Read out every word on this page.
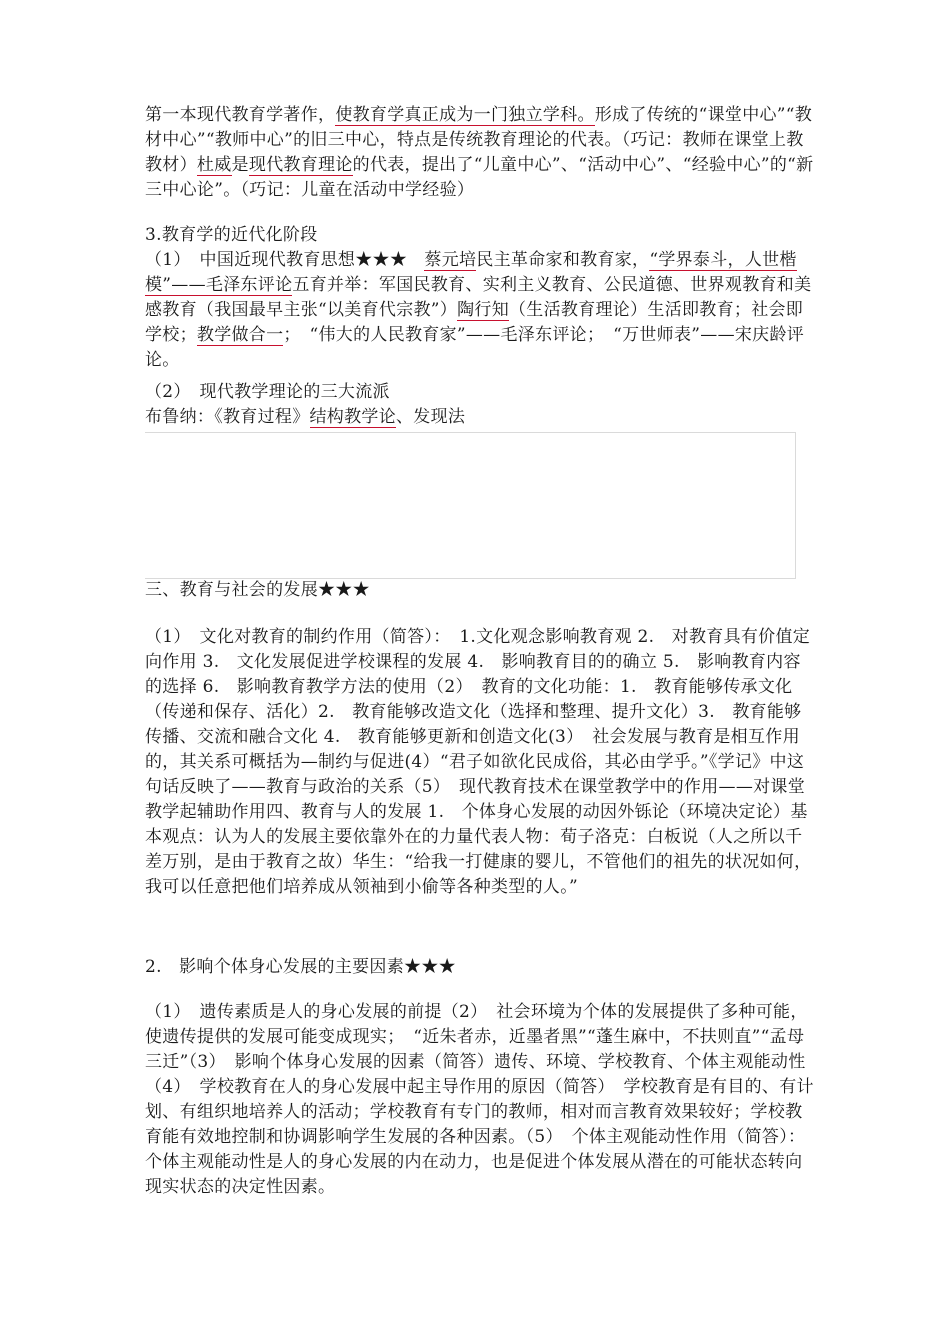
第一本现代教育学著作，使教育学真正成为一门独立学科。形成了传统的“课堂中心”“教材中心”“教师中心”的旧三中心，特点是传统教育理论的代表。（巧记：教师在课堂上教教材）杜威是现代教育理论的代表，提出了“儿童中心”、“活动中心”、“经验中心”的“新三中心论”。（巧记：儿童在活动中学经验）

3.教育学的近代化阶段

（1）　中国近现代教育思想★★★　蔡元培民主革命家和教育家，“学界泰斗，人世楷模”——毛泽东评论五育并举：军国民教育、实利主义教育、公民道德、世界观教育和美感教育（我国最早主张“以美育代宗教”）陶行知（生活教育理论）生活即教育；社会即学校；教学做合一；　“伟大的人民教育家”——毛泽东评论；　“万世师表”——宋庆龄评论。

（2）　现代教学理论的三大流派

布鲁纳：《教育过程》结构教学论、发现法

三、教育与社会的发展★★★

（1）　文化对教育的制约作用（简答）：　1.文化观念影响教育观 2.　对教育具有价值定向作用 3.　文化发展促进学校课程的发展 4.　影响教育目的的确立 5.　影响教育内容的选择 6.　影响教育教学方法的使用（2）　教育的文化功能：1.　教育能够传承文化（传递和保存、活化）2.　教育能够改造文化（选择和整理、提升文化）3.　教育能够传播、交流和融合文化 4.　教育能够更新和创造文化(3）　社会发展与教育是相互作用的，其关系可概括为—制约与促进(4）“君子如欲化民成俗，其必由学乎。”《学记》中这句话反映了——教育与政治的关系（5）　现代教育技术在课堂教学中的作用——对课堂教学起辅助作用四、教育与人的发展 1.　个体身心发展的动因外铄论（环境决定论）基本观点：认为人的发展主要依靠外在的力量代表人物：荀子洛克：白板说（人之所以千差万别，是由于教育之故）华生：“给我一打健康的婴儿，不管他们的祖先的状况如何，我可以任意把他们培养成从领袖到小偷等各种类型的人。”

2.　影响个体身心发展的主要因素★★★

（1）　遗传素质是人的身心发展的前提（2）　社会环境为个体的发展提供了多种可能，使遗传提供的发展可能变成现实；　“近朱者赤，近墨者黑”“蓬生麻中，不扶则直”“孟母三迁”（3）　影响个体身心发展的因素（简答）遗传、环境、学校教育、个体主观能动性（4）　学校教育在人的身心发展中起主导作用的原因（简答）　学校教育是有目的、有计划、有组织地培养人的活动；学校教育有专门的教师，相对而言教育效果较好；学校教育能有效地控制和协调影响学生发展的各种因素。（5）　个体主观能动性作用（简答）：个体主观能动性是人的身心发展的内在动力，也是促进个体发展从潜在的可能状态转向现实状态的决定性因素。
